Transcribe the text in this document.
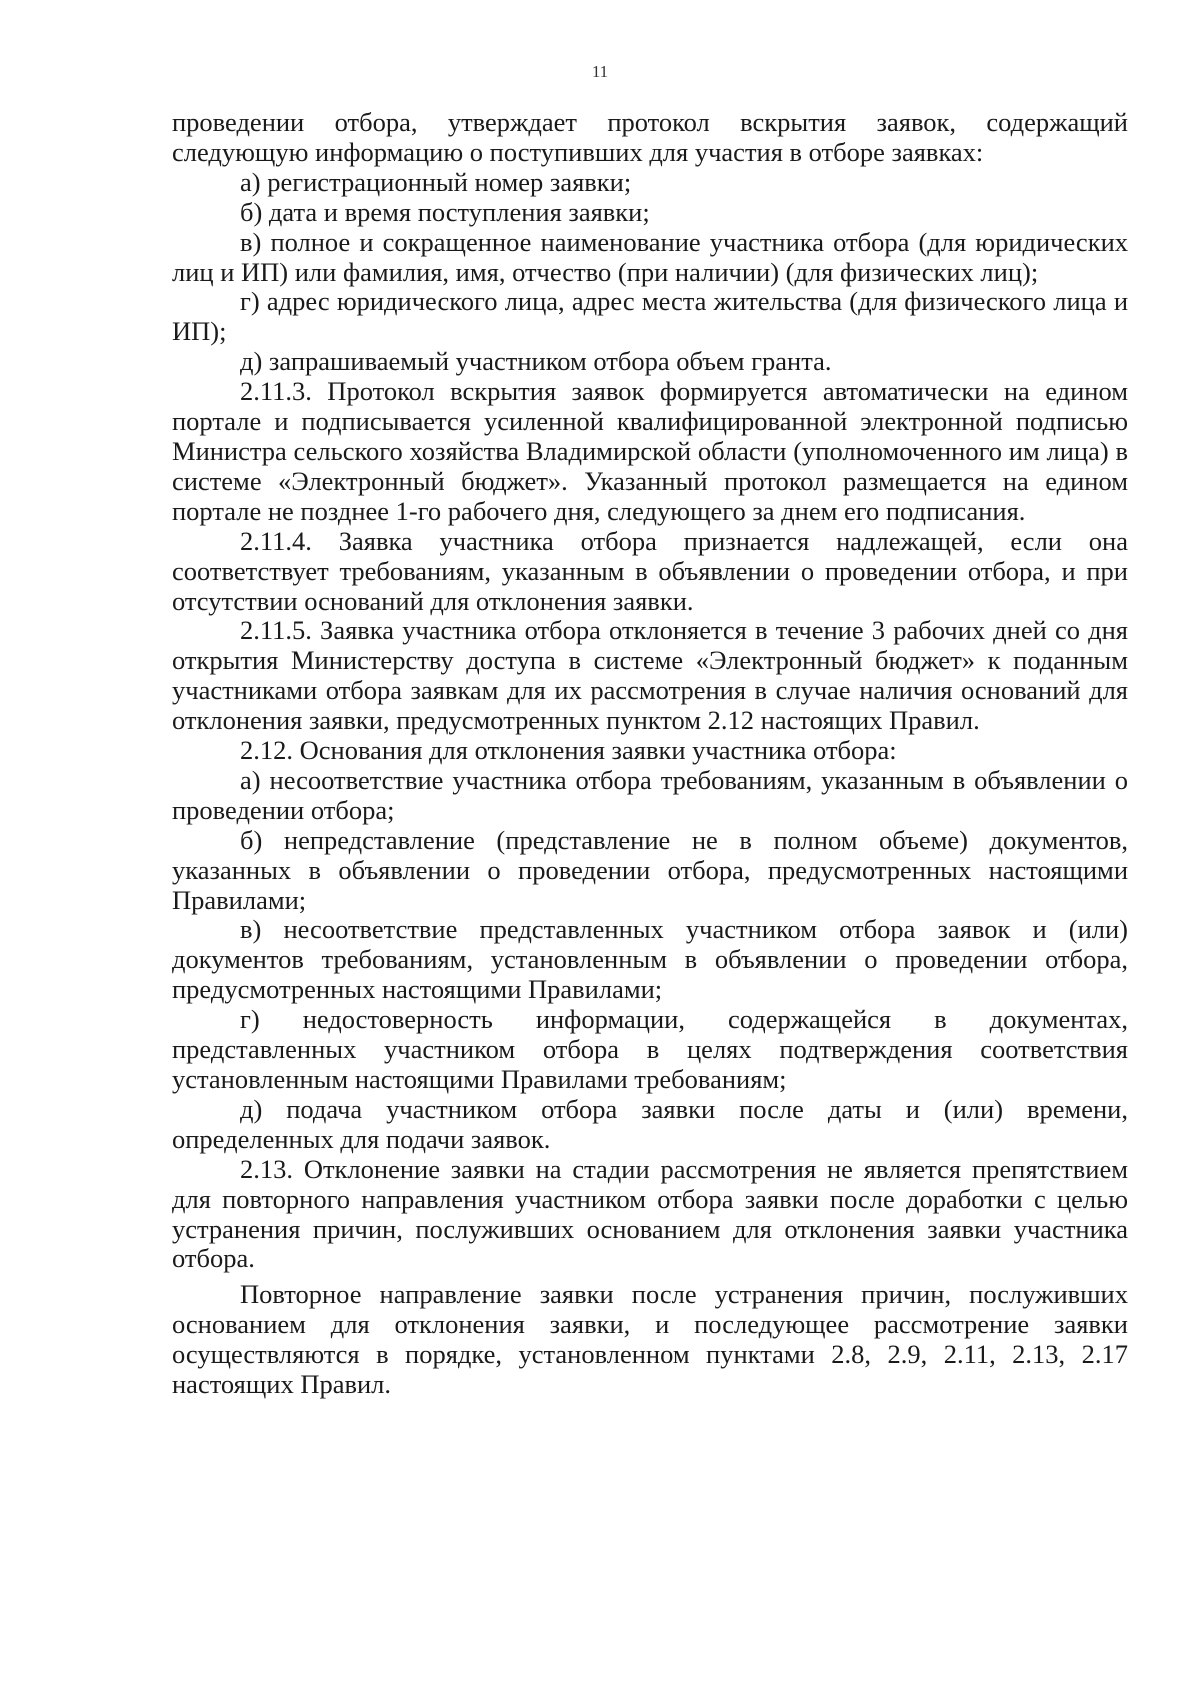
11

проведении отбора, утверждает протокол вскрытия заявок, содержащий следующую информацию о поступивших для участия в отборе заявках:

а) регистрационный номер заявки;

б) дата и время поступления заявки;

в) полное и сокращенное наименование участника отбора (для юридических лиц и ИП) или фамилия, имя, отчество (при наличии) (для физических лиц);

г) адрес юридического лица, адрес места жительства (для физического лица и ИП);

д) запрашиваемый участником отбора объем гранта.

2.11.3. Протокол вскрытия заявок формируется автоматически на едином портале и подписывается усиленной квалифицированной электронной подписью Министра сельского хозяйства Владимирской области (уполномоченного им лица) в системе «Электронный бюджет». Указанный протокол размещается на едином портале не позднее 1-го рабочего дня, следующего за днем его подписания.

2.11.4. Заявка участника отбора признается надлежащей, если она соответствует требованиям, указанным в объявлении о проведении отбора, и при отсутствии оснований для отклонения заявки.

2.11.5. Заявка участника отбора отклоняется в течение 3 рабочих дней со дня открытия Министерству доступа в системе «Электронный бюджет» к поданным участниками отбора заявкам для их рассмотрения в случае наличия оснований для отклонения заявки, предусмотренных пунктом 2.12 настоящих Правил.

2.12. Основания для отклонения заявки участника отбора:

а) несоответствие участника отбора требованиям, указанным в объявлении о проведении отбора;

б) непредставление (представление не в полном объеме) документов, указанных в объявлении о проведении отбора, предусмотренных настоящими Правилами;

в) несоответствие представленных участником отбора заявок и (или) документов требованиям, установленным в объявлении о проведении отбора, предусмотренных настоящими Правилами;

г) недостоверность информации, содержащейся в документах, представленных участником отбора в целях подтверждения соответствия установленным настоящими Правилами требованиям;

д) подача участником отбора заявки после даты и (или) времени, определенных для подачи заявок.

2.13. Отклонение заявки на стадии рассмотрения не является препятствием для повторного направления участником отбора заявки после доработки с целью устранения причин, послуживших основанием для отклонения заявки участника отбора.

Повторное направление заявки после устранения причин, послуживших основанием для отклонения заявки, и последующее рассмотрение заявки осуществляются в порядке, установленном пунктами 2.8, 2.9, 2.11, 2.13, 2.17 настоящих Правил.
